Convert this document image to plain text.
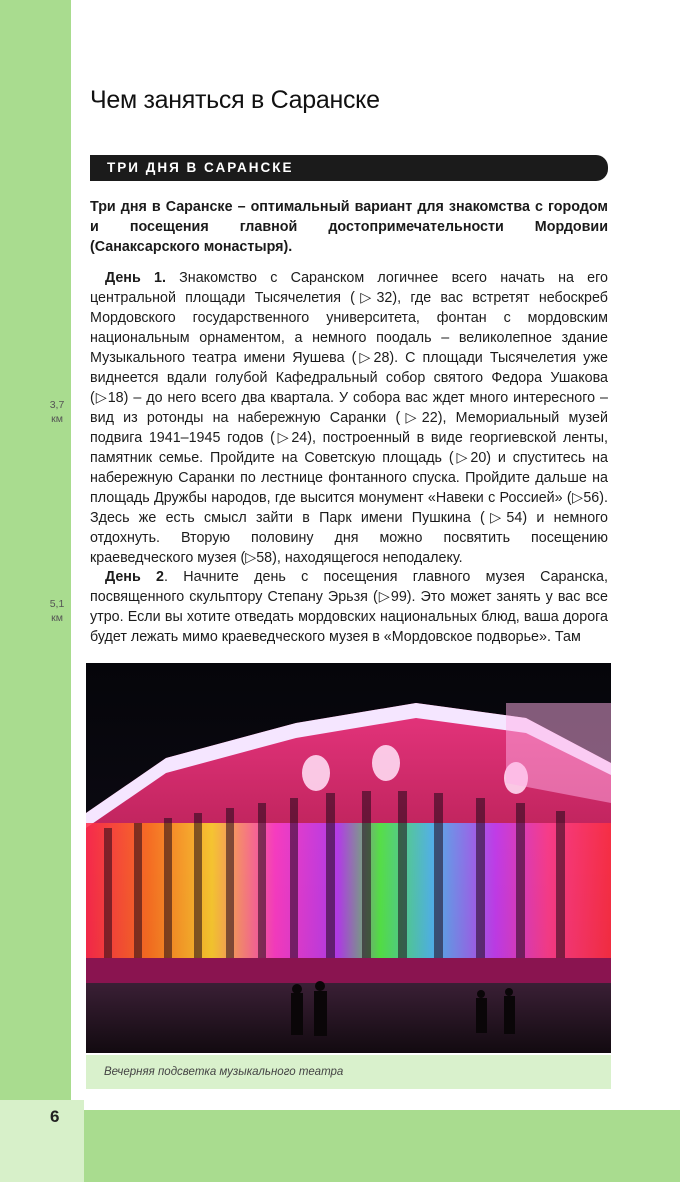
Чем заняться в Саранске
ТРИ ДНЯ В САРАНСКЕ
Три дня в Саранске – оптимальный вариант для знакомства с городом и посещения главной достопримечательности Мордовии (Санаксарского монастыря).
День 1. Знакомство с Саранском логичнее всего начать на его центральной площади Тысячелетия (▷32), где вас встретят небоскреб Мордовского государственного университета, фонтан с мордовским национальным орнаментом, а немного поодаль – великолепное здание Музыкального театра имени Яушева (▷28). С площади Тысячелетия уже виднеется вдали голубой Кафедральный собор святого Федора Ушакова (▷18) – до него всего два квартала. У собора вас ждет много интересного – вид из ротонды на набережную Саранки (▷22), Мемориальный музей подвига 1941–1945 годов (▷24), построенный в виде георгиевской ленты, памятник семье. Пройдите на Советскую площадь (▷20) и спуститесь на набережную Саранки по лестнице фонтанного спуска. Пройдите дальше на площадь Дружбы народов, где высится монумент «Навеки с Россией» (▷56). Здесь же есть смысл зайти в Парк имени Пушкина (▷54) и немного отдохнуть. Вторую половину дня можно посвятить посещению краеведческого музея (▷58), находящегося неподалеку.
3,7
км
День 2. Начните день с посещения главного музея Саранска, посвященного скульптору Степану Эрьзя (▷99). Это может занять у вас все утро. Если вы хотите отведать мордовских национальных блюд, ваша дорога будет лежать мимо краеведческого музея в «Мордовское подворье». Там
5,1
км
Вечерняя подсветка музыкального театра
6
